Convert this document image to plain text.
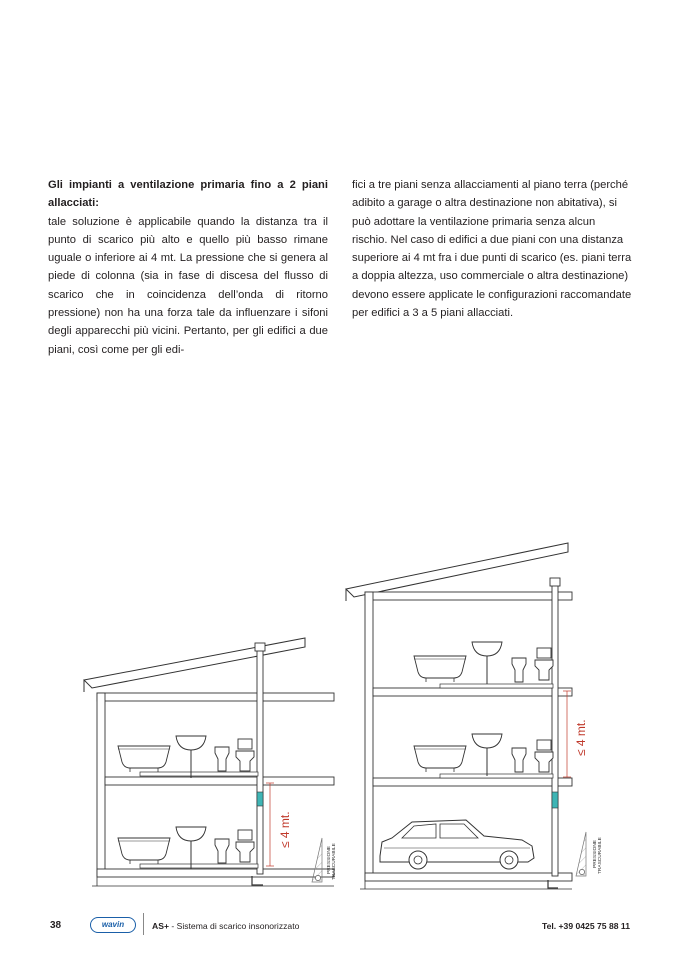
Gli impianti a ventilazione primaria fino a 2 piani allacciati:

tale soluzione è applicabile quando la distanza tra il punto di scarico più alto e quello più basso rimane uguale o inferiore ai 4 mt. La pressione che si genera al piede di colonna (sia in fase di discesa del flusso di scarico che in coincidenza dell’onda di ritorno pressione) non ha una forza tale da influenzare i sifoni degli apparecchi più vicini. Pertanto, per gli edifici a due piani, così come per gli edi-

fici a tre piani senza allacciamenti al piano terra (perché adibito a garage o altra destinazione non abitativa), si può adottare la ventilazione primaria senza alcun rischio. Nel caso di edifici a due piani con una distanza superiore ai 4 mt fra i due punti di scarico (es. piani terra a doppia altezza, uso commerciale o altra destinazione) devono essere applicate le configurazioni raccomandate per edifici a 3 a 5 piani allacciati.

≤ 4 mt.
PRESSIONE TRASCURABILE
≤ 4 mt.
PRESSIONE TRASCURABILE
38	wavin	AS+ - Sistema di scarico insonorizzato	Tel. +39 0425 75 88 11
